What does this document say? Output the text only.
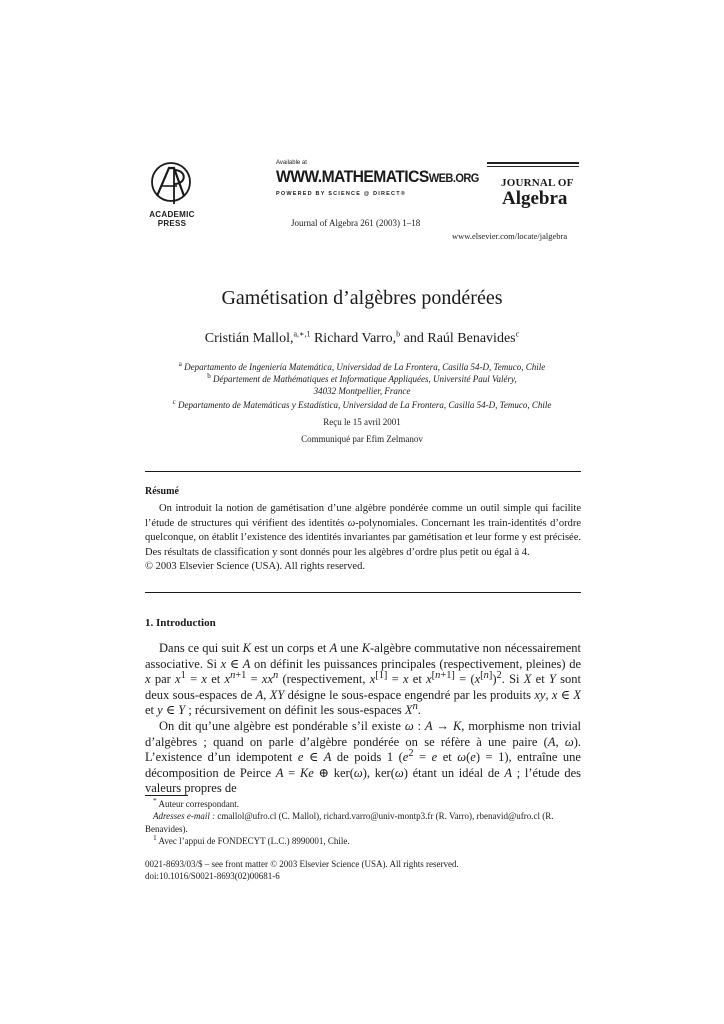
ACADEMIC
PRESS
Available at
WWW.MATHEMATICSWEB.ORG
POWERED BY SCIENCE @ DIRECT®
Journal of Algebra 261 (2003) 1–18
JOURNAL OF
Algebra
www.elsevier.com/locate/jalgebra
Gamétisation d’algèbres pondérées
Cristián Mallol,$^{a,∗,1}$ Richard Varro,$^b$ and Raúl Benavides$^c$
$^a$ Departamento de Ingeniería Matemática, Universidad de La Frontera, Casilla 54-D, Temuco, Chile
$^b$ Département de Mathématiques et Informatique Appliquées, Université Paul Valéry,
34032 Montpellier, France
$^c$ Departamento de Matemáticas y Estadística, Universidad de La Frontera, Casilla 54-D, Temuco, Chile
Reçu le 15 avril 2001
Communiqué par Efim Zelmanov
Résumé

On introduit la notion de gamétisation d’une algèbre pondérée comme un outil simple qui facilite l’étude de structures qui vérifient des identités ω-polynomiales. Concernant les train-identités d’ordre quelconque, on établit l’existence des identités invariantes par gamétisation et leur forme y est précisée. Des résultats de classification y sont donnés pour les algèbres d’ordre plus petit ou égal à 4.

© 2003 Elsevier Science (USA). All rights reserved.

1. Introduction

Dans ce qui suit K est un corps et A une K-algèbre commutative non nécessairement associative. Si x ∈ A on définit les puissances principales (respectivement, pleines) de x par $x^1 = x$ et $x^{n+1} = xx^n$ (respectivement, x[1] = x et $x[n+1] = (x[n])^2$. Si X et Y sont deux sous-espaces de A, XY désigne le sous-espace engendré par les produits xy, x ∈ X et y ∈ Y ; récursivement on définit les sous-espaces $X^n$.

On dit qu’une algèbre est pondérable s’il existe ω : A → K, morphisme non trivial d’algèbres ; quand on parle d’algèbre pondérée on se réfère à une paire (A, ω). L’existence d’un idempotent e ∈ A de poids 1 ($e^2 = e$ et ω(e) = 1), entraîne une décomposition de Peirce A = Ke ⊕ ker(ω), ker(ω) étant un idéal de A ; l’étude des valeurs propres de

* Auteur correspondant.

Adresses e-mail : cmallol@ufro.cl (C. Mallol), richard.varro@univ-montp3.fr (R. Varro), rbenavid@ufro.cl (R. Benavides).

$^1$ Avec l’appui de FONDECYT (L.C.) 8990001, Chile.

0021-8693/03/$ – see front matter © 2003 Elsevier Science (USA). All rights reserved.

doi:10.1016/S0021-8693(02)00681-6
